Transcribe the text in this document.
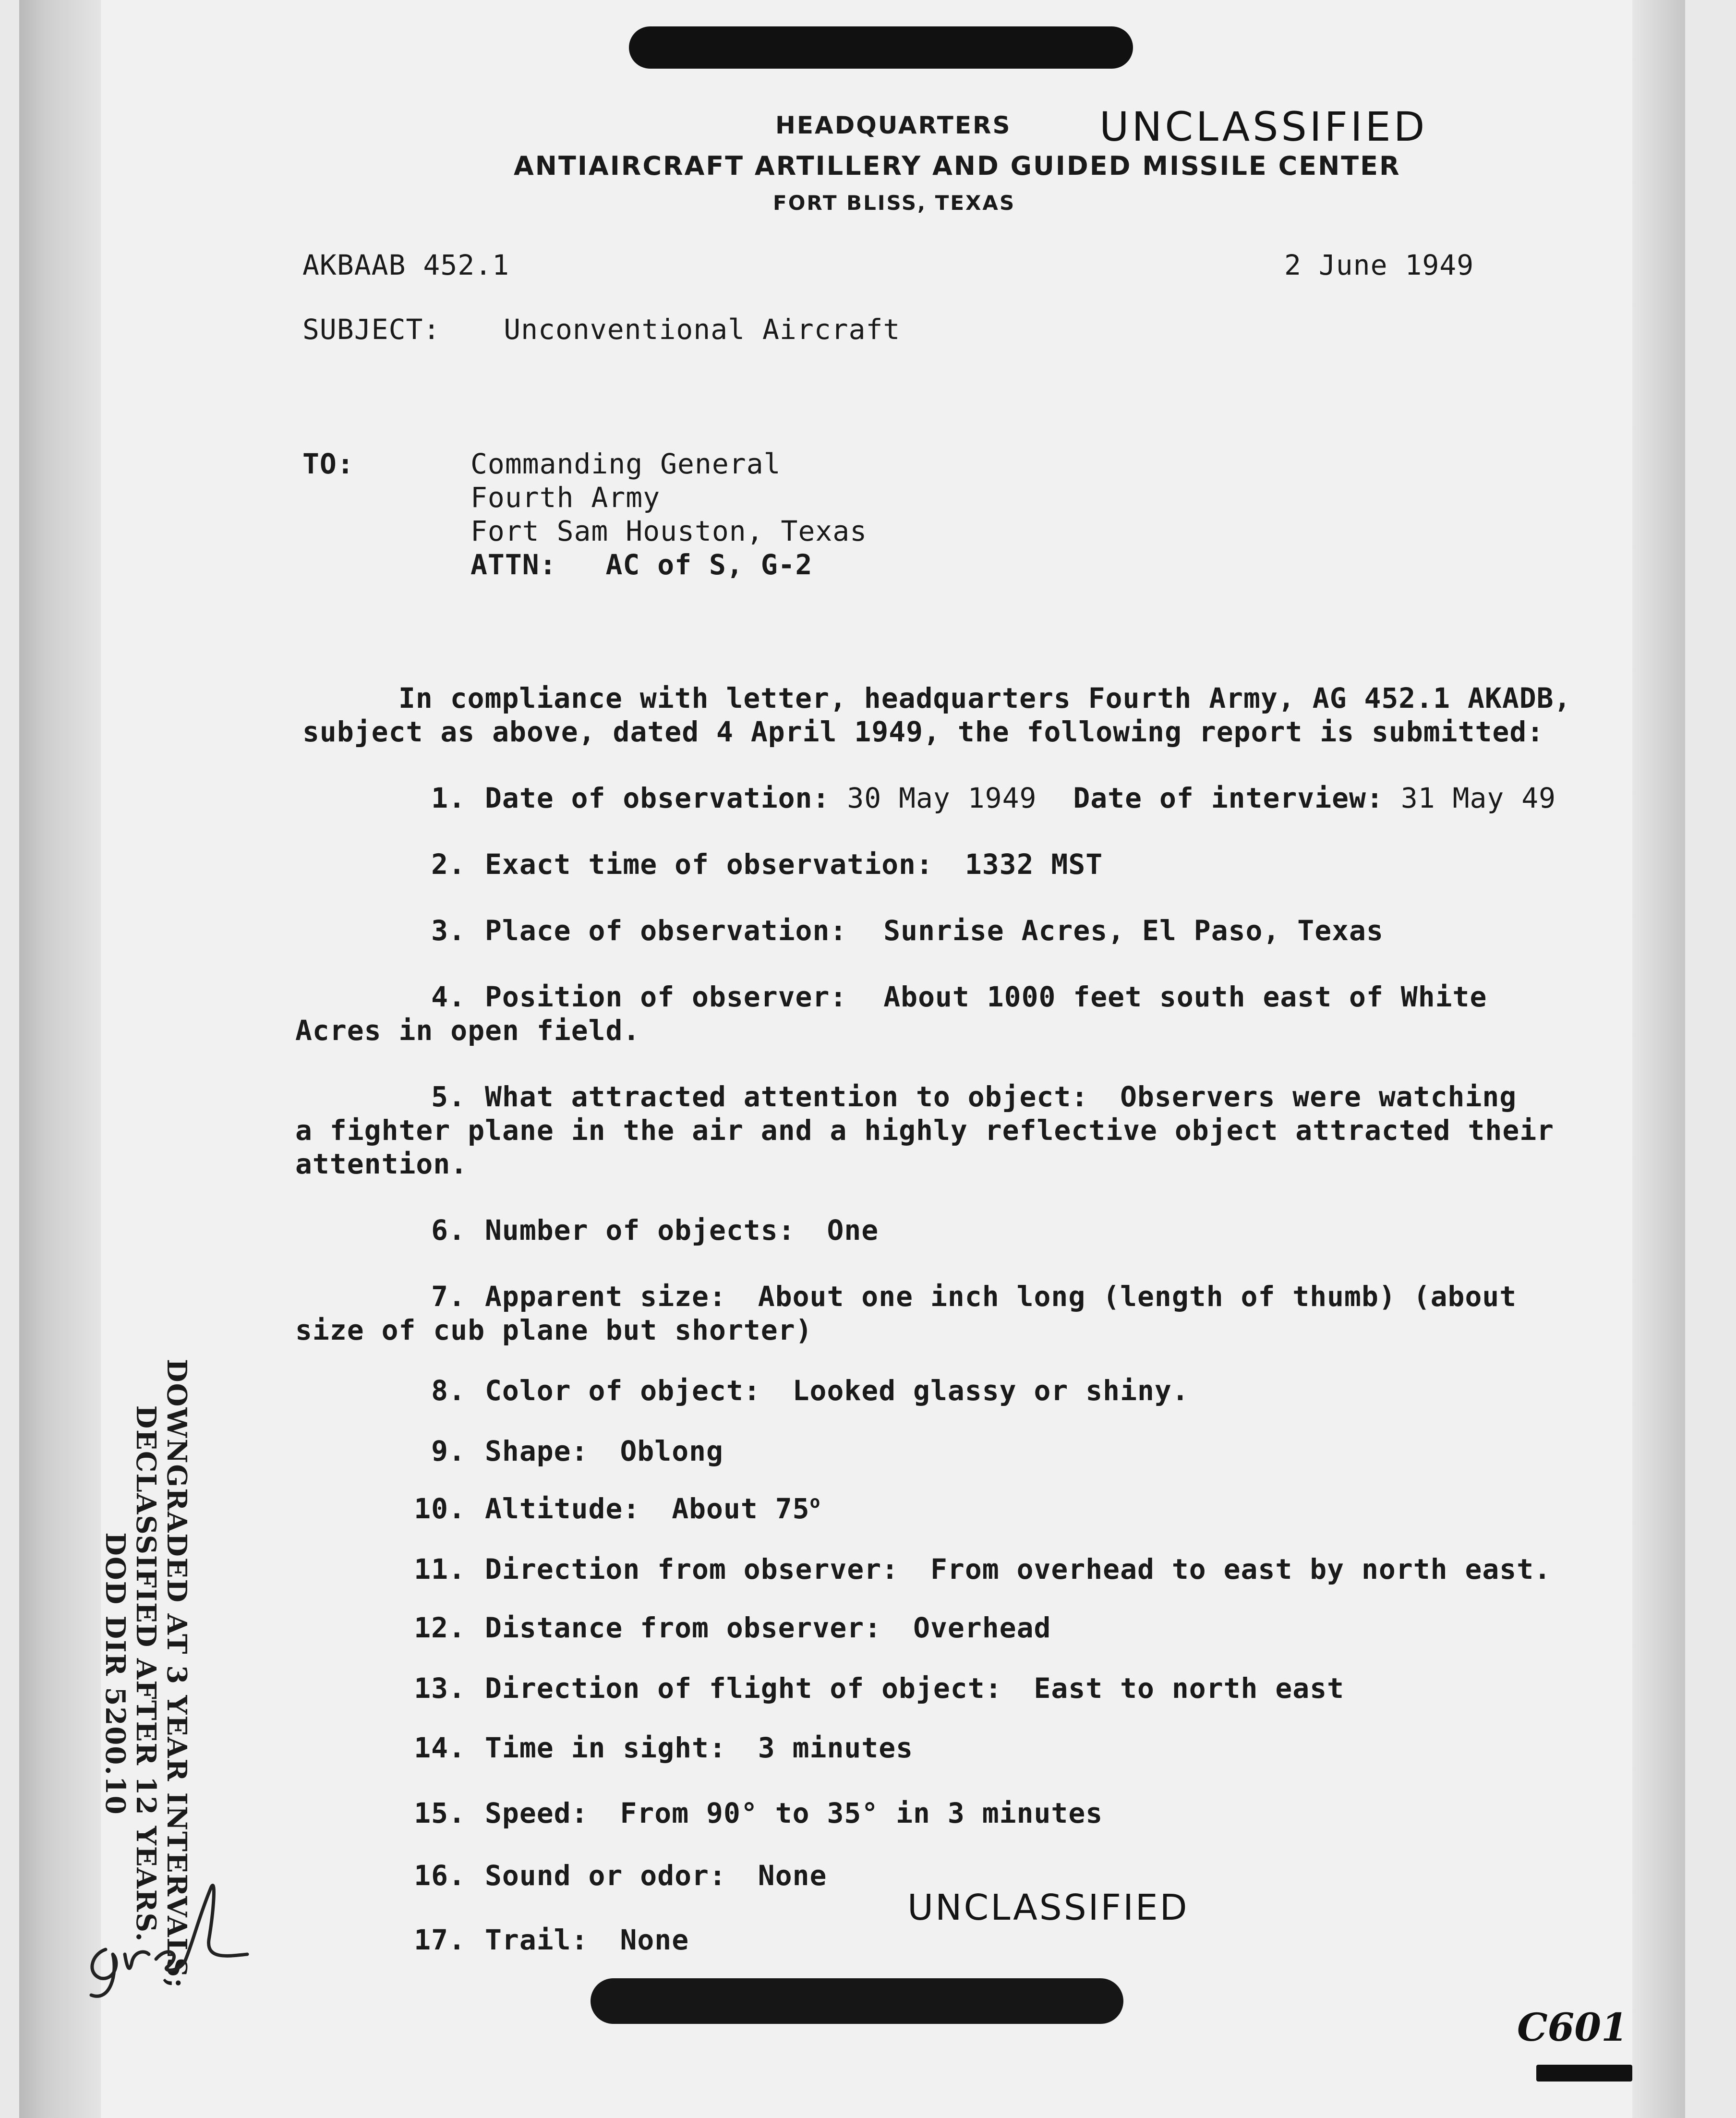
HEADQUARTERS UNCLASSIFIED
ANTIAIRCRAFT ARTILLERY AND GUIDED MISSILE CENTER
FORT BLISS, TEXAS
AKBAAB 452.1	2 June 1949
SUBJECT: Unconventional Aircraft
TO:	Commanding General
Fourth Army
Fort Sam Houston, Texas
ATTN: AC of S, G-2
In compliance with letter, headquarters Fourth Army, AG 452.1 AKADB,
subject as above, dated 4 April 1949, the following report is submitted:
1. Date of observation: 30 May 1949 Date of interview: 31 May 49
2. Exact time of observation: 1332 MST
3. Place of observation: Sunrise Acres, El Paso, Texas
4. Position of observer: About 1000 feet south east of White
Acres in open field.
5. What attracted attention to object: Observers were watching
a fighter plane in the air and a highly reflective object attracted their
attention.
6. Number of objects: One
7. Apparent size: About one inch long (length of thumb) (about
size of cub plane but shorter)
8. Color of object: Looked glassy or shiny.
9. Shape: Oblong
10. Altitude: About 75$^o$
11. Direction from observer: From overhead to east by north east.
12. Distance from observer: Overhead
13. Direction of flight of object: East to north east
14. Time in sight: 3 minutes
15. Speed: From 90° to 35° in 3 minutes
16. Sound or odor: None
17. Trail: None
UNCLASSIFIED
DOWNGRADED AT 3 YEAR INTERVALS;
DECLASSIFIED AFTER 12 YEARS.
DOD DIR 5200.10
C601
